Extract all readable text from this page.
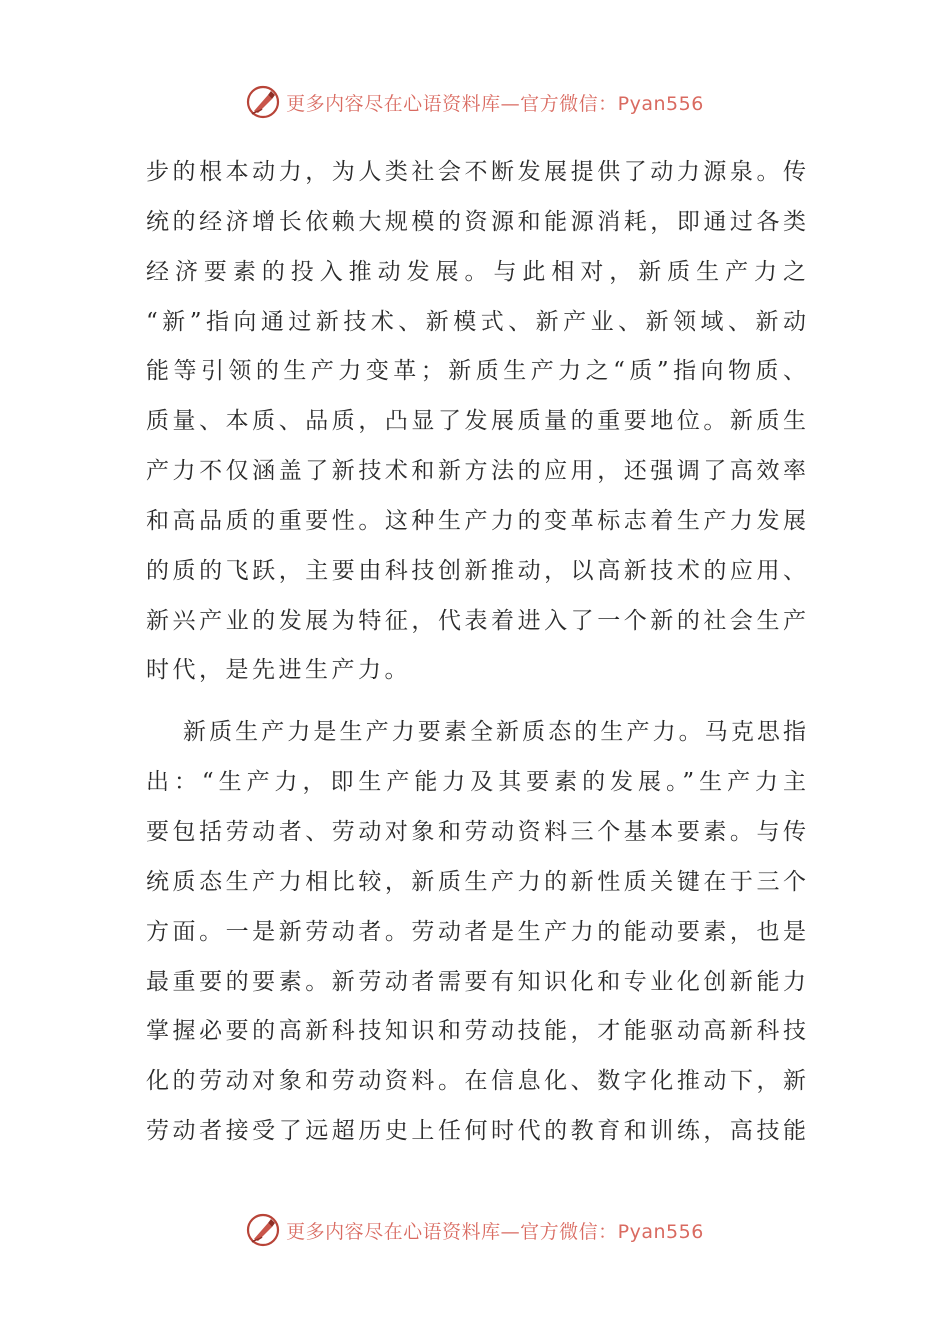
更多内容尽在心语资料库—官方微信：Pyan556
步的根本动力，为人类社会不断发展提供了动力源泉。传
统的经济增长依赖大规模的资源和能源消耗，即通过各类
经济要素的投入推动发展。与此相对，新质生产力之
“新”指向通过新技术、新模式、新产业、新领域、新动
能等引领的生产力变革；新质生产力之“质”指向物质、
质量、本质、品质，凸显了发展质量的重要地位。新质生
产力不仅涵盖了新技术和新方法的应用，还强调了高效率
和高品质的重要性。这种生产力的变革标志着生产力发展
的质的飞跃，主要由科技创新推动，以高新技术的应用、
新兴产业的发展为特征，代表着进入了一个新的社会生产
时代，是先进生产力。
新质生产力是生产力要素全新质态的生产力。马克思指
出：“生产力，即生产能力及其要素的发展。”生产力主
要包括劳动者、劳动对象和劳动资料三个基本要素。与传
统质态生产力相比较，新质生产力的新性质关键在于三个
方面。一是新劳动者。劳动者是生产力的能动要素，也是
最重要的要素。新劳动者需要有知识化和专业化创新能力
掌握必要的高新科技知识和劳动技能，才能驱动高新科技
化的劳动对象和劳动资料。在信息化、数字化推动下，新
劳动者接受了远超历史上任何时代的教育和训练，高技能
更多内容尽在心语资料库—官方微信：Pyan556
